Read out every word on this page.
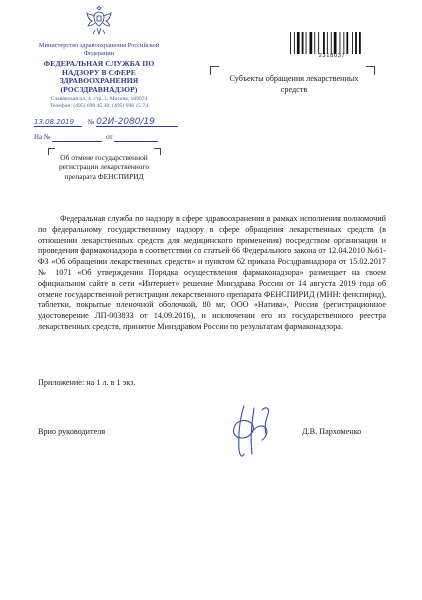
Министерство здравоохранения Российской Федерации
ФЕДЕРАЛЬНАЯ СЛУЖБА ПО НАДЗОРУ В СФЕРЕ ЗДРАВООХРАНЕНИЯ (РОСЗДРАВНАДЗОР)
Славянская пл. 4, стр. 1, Москва, 109074
Телефон: (495) 698 45 38; (495) 698 15 74
13.08.2019 № 02И-2080/19
На №	от
2318037
Субъекты обращения лекарственных средств
Об отмене государственной регистрации лекарственного препарата ФЕНСПИРИД
Федеральная служба по надзору в сфере здравоохранения в рамках исполнения полномочий по федеральному государственному надзору в сфере обращения лекарственных средств (в отношении лекарственных средств для медицинского применения) посредством организации и проведения фармаконадзора в соответствии со статьей 66 Федерального закона от 12.04.2010 №61-ФЗ «Об обращении лекарственных средств» и пунктом 62 приказа Росздравнадзора от 15.02.2017 № 1071 «Об утверждении Порядка осуществления фармаконадзора» размещает на своем официальном сайте в сети «Интернет» решение Минздрава России от 14 августа 2019 года об отмене государственной регистрации лекарственного препарата ФЕНСПИРИД (МНН: фенспирид), таблетки, покрытые пленочной оболочкой, 80 мг, ООО «Натива», Россия (регистрационное удостоверение ЛП-003833 от 14.09.2016), и исключении его из государственного реестра лекарственных средств, принятое Минздравом России по результатам фармаконадзора.
Приложение: на 1 л. в 1 экз.
Врио руководителя	Д.В. Пархоменко
